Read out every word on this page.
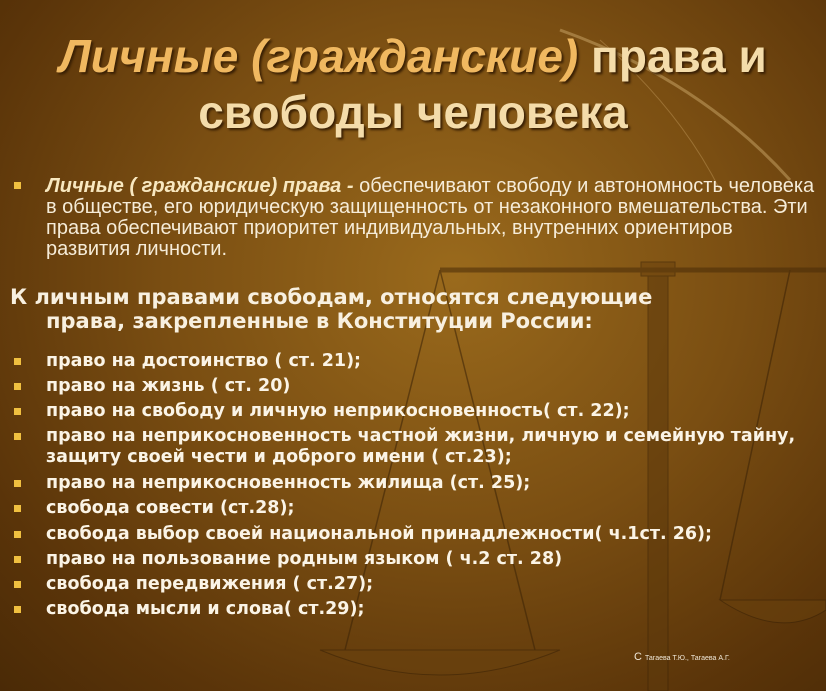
Личные (гражданские) права и
свободы человека
Личные ( гражданские) права - обеспечивают свободу и автономность человека в обществе, его юридическую защищенность от незаконного вмешательства. Эти права обеспечивают приоритет индивидуальных, внутренних ориентиров развития личности.
К личным правами свободам, относятся следующие
права, закрепленные в Конституции России:
право на достоинство ( ст. 21);
право на жизнь ( ст. 20)
право на свободу и личную неприкосновенность( ст. 22);
право на неприкосновенность частной жизни, личную и семейную тайну, защиту своей чести и доброго имени ( ст.23);
право на неприкосновенность жилища (ст. 25);
свобода совести (ст.28);
свобода выбор своей национальной принадлежности( ч.1ст. 26);
право на пользование родным языком ( ч.2 ст. 28)
свобода передвижения ( ст.27);
свобода мысли и слова( ст.29);
С Тагаева Т.Ю., Тагаева А.Г.
